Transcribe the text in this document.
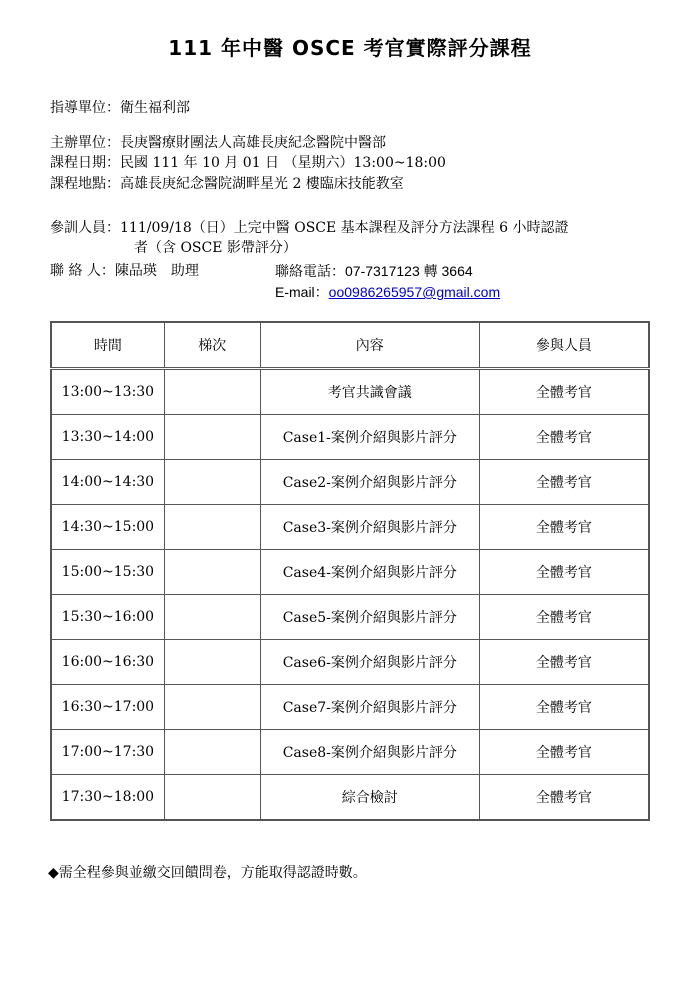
111 年中醫 OSCE 考官實際評分課程
指導單位：衛生福利部
主辦單位：長庚醫療財團法人高雄長庚紀念醫院中醫部
課程日期：民國 111 年 10 月 01 日 （星期六）13:00~18:00
課程地點：高雄長庚紀念醫院湖畔星光 2 樓臨床技能教室
參訓人員：111/09/18（日）上完中醫 OSCE 基本課程及評分方法課程 6 小時認證
者（含 OSCE 影帶評分）
聯 絡 人：陳品瑛　助理	聯絡電話：07-7317123 轉 3664
E-mail：oo0986265957@gmail.com
時間	梯次	內容	參與人員
13:00~13:30		考官共識會議	全體考官
13:30~14:00		Case1-案例介紹與影片評分	全體考官
14:00~14:30		Case2-案例介紹與影片評分	全體考官
14:30~15:00		Case3-案例介紹與影片評分	全體考官
15:00~15:30		Case4-案例介紹與影片評分	全體考官
15:30~16:00		Case5-案例介紹與影片評分	全體考官
16:00~16:30		Case6-案例介紹與影片評分	全體考官
16:30~17:00		Case7-案例介紹與影片評分	全體考官
17:00~17:30		Case8-案例介紹與影片評分	全體考官
17:30~18:00		綜合檢討	全體考官
◆需全程參與並繳交回饋問卷，方能取得認證時數。
